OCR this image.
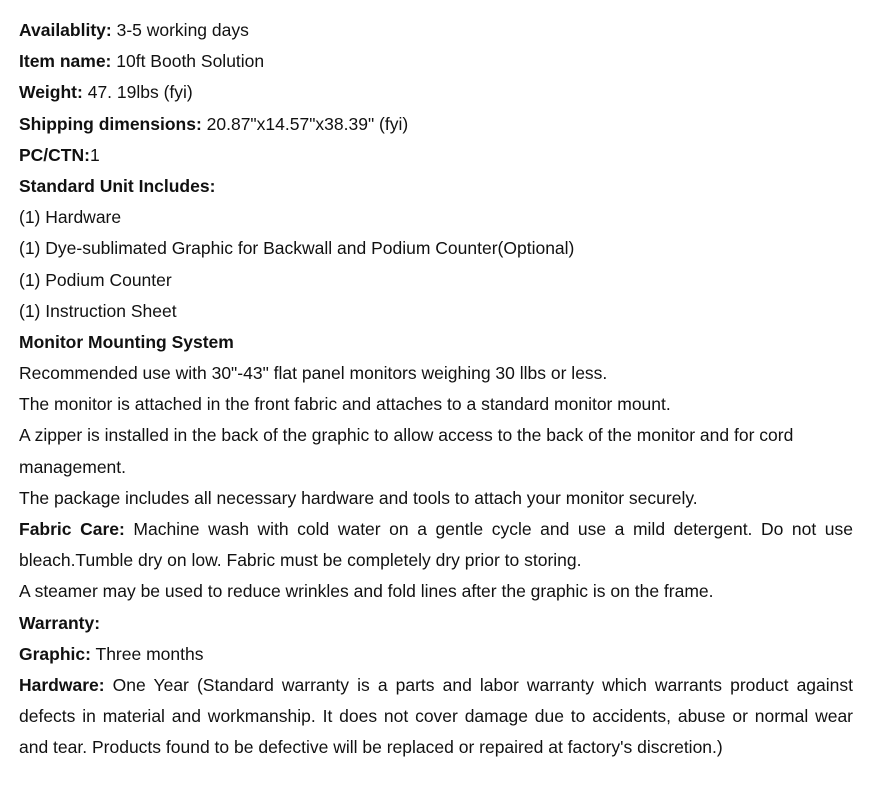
Availablity: 3-5 working days
Item name: 10ft Booth Solution
Weight: 47. 19lbs (fyi)
Shipping dimensions: 20.87"x14.57"x38.39" (fyi)
PC/CTN:1
Standard Unit Includes:
(1) Hardware
(1) Dye-sublimated Graphic for Backwall and Podium Counter(Optional)
(1) Podium Counter
(1) Instruction Sheet
Monitor Mounting System
Recommended use with 30"-43" flat panel monitors weighing 30 llbs or less.
The monitor is attached in the front fabric and attaches to a standard monitor mount.
A zipper is installed in the back of the graphic to allow access to the back of the monitor and for cord management.
The package includes all necessary hardware and tools to attach your monitor securely.
Fabric Care: Machine wash with cold water on a gentle cycle and use a mild detergent. Do not use bleach.Tumble dry on low. Fabric must be completely dry prior to storing.
A steamer may be used to reduce wrinkles and fold lines after the graphic is on the frame.
Warranty:
Graphic: Three months
Hardware: One Year (Standard warranty is a parts and labor warranty which warrants product against defects in material and workmanship. It does not cover damage due to accidents, abuse or normal wear and tear. Products found to be defective will be replaced or repaired at factory's discretion.)
